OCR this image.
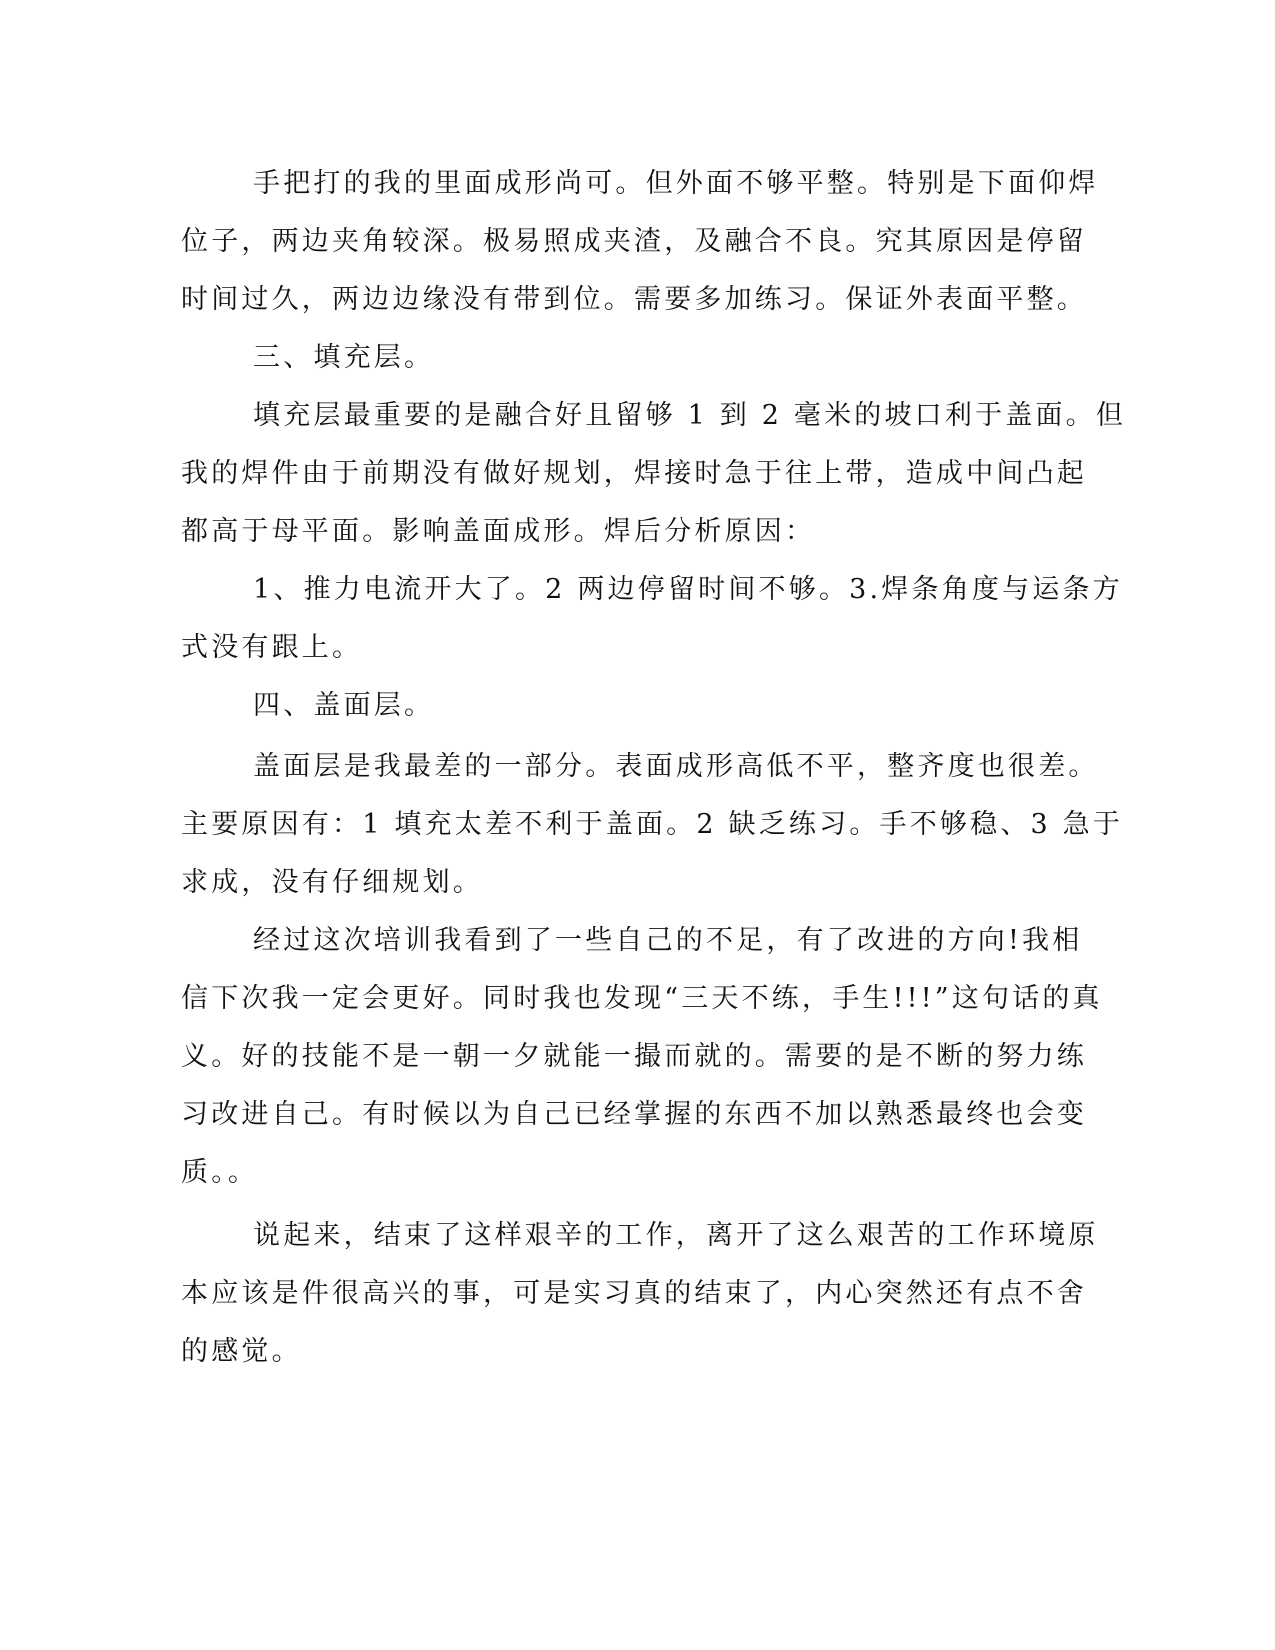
手把打的我的里面成形尚可。但外面不够平整。特别是下面仰焊
位子，两边夹角较深。极易照成夹渣，及融合不良。究其原因是停留
时间过久，两边边缘没有带到位。需要多加练习。保证外表面平整。
三、填充层。
填充层最重要的是融合好且留够 1 到 2 毫米的坡口利于盖面。但
我的焊件由于前期没有做好规划，焊接时急于往上带，造成中间凸起
都高于母平面。影响盖面成形。焊后分析原因：
1、推力电流开大了。2 两边停留时间不够。3.焊条角度与运条方
式没有跟上。
四、盖面层。
盖面层是我最差的一部分。表面成形高低不平，整齐度也很差。
主要原因有：1 填充太差不利于盖面。2 缺乏练习。手不够稳、3 急于
求成，没有仔细规划。
经过这次培训我看到了一些自己的不足，有了改进的方向!我相
信下次我一定会更好。同时我也发现“三天不练，手生!!!”这句话的真
义。好的技能不是一朝一夕就能一撮而就的。需要的是不断的努力练
习改进自己。有时候以为自己已经掌握的东西不加以熟悉最终也会变
质。。
说起来，结束了这样艰辛的工作，离开了这么艰苦的工作环境原
本应该是件很高兴的事，可是实习真的结束了，内心突然还有点不舍
的感觉。
